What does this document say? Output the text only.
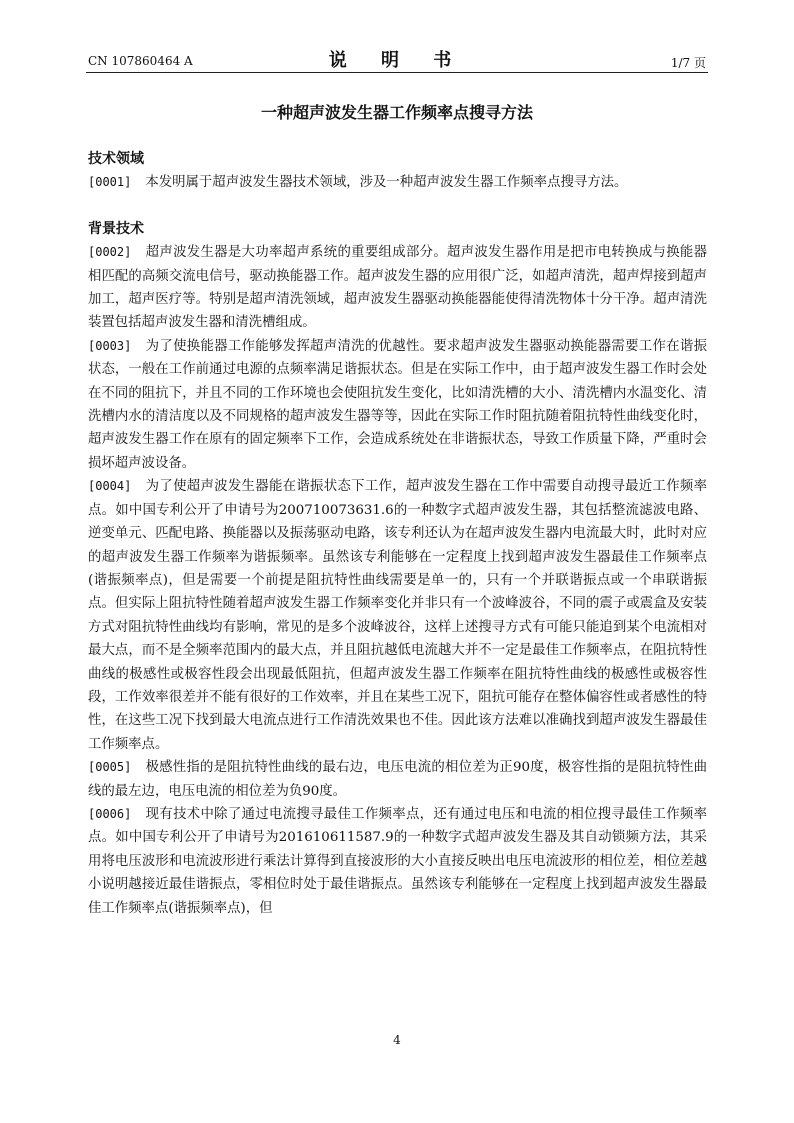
CN 107860464 A	说 明 书	1/7 页
一种超声波发生器工作频率点搜寻方法

技术领域

[0001] 本发明属于超声波发生器技术领域，涉及一种超声波发生器工作频率点搜寻方法。

背景技术

[0002] 超声波发生器是大功率超声系统的重要组成部分。超声波发生器作用是把市电转换成与换能器相匹配的高频交流电信号，驱动换能器工作。超声波发生器的应用很广泛，如超声清洗，超声焊接到超声加工，超声医疗等。特别是超声清洗领域，超声波发生器驱动换能器能使得清洗物体十分干净。超声清洗装置包括超声波发生器和清洗槽组成。

[0003] 为了使换能器工作能够发挥超声清洗的优越性。要求超声波发生器驱动换能器需要工作在谐振状态，一般在工作前通过电源的点频率满足谐振状态。但是在实际工作中，由于超声波发生器工作时会处在不同的阻抗下，并且不同的工作环境也会使阻抗发生变化，比如清洗槽的大小、清洗槽内水温变化、清洗槽内水的清洁度以及不同规格的超声波发生器等等，因此在实际工作时阻抗随着阻抗特性曲线变化时，超声波发生器工作在原有的固定频率下工作，会造成系统处在非谐振状态，导致工作质量下降，严重时会损坏超声波设备。

[0004] 为了使超声波发生器能在谐振状态下工作，超声波发生器在工作中需要自动搜寻最近工作频率点。如中国专利公开了申请号为200710073631.6的一种数字式超声波发生器，其包括整流滤波电路、逆变单元、匹配电路、换能器以及振荡驱动电路，该专利还认为在超声波发生器内电流最大时，此时对应的超声波发生器工作频率为谐振频率。虽然该专利能够在一定程度上找到超声波发生器最佳工作频率点(谐振频率点)，但是需要一个前提是阻抗特性曲线需要是单一的，只有一个并联谐振点或一个串联谐振点。但实际上阻抗特性随着超声波发生器工作频率变化并非只有一个波峰波谷，不同的震子或震盒及安装方式对阻抗特性曲线均有影响，常见的是多个波峰波谷，这样上述搜寻方式有可能只能追到某个电流相对最大点，而不是全频率范围内的最大点，并且阻抗越低电流越大并不一定是最佳工作频率点，在阻抗特性曲线的极感性或极容性段会出现最低阻抗，但超声波发生器工作频率在阻抗特性曲线的极感性或极容性段，工作效率很差并不能有很好的工作效率，并且在某些工况下，阻抗可能存在整体偏容性或者感性的特性，在这些工况下找到最大电流点进行工作清洗效果也不佳。因此该方法难以准确找到超声波发生器最佳工作频率点。

[0005] 极感性指的是阻抗特性曲线的最右边，电压电流的相位差为正90度，极容性指的是阻抗特性曲线的最左边，电压电流的相位差为负90度。

[0006] 现有技术中除了通过电流搜寻最佳工作频率点，还有通过电压和电流的相位搜寻最佳工作频率点。如中国专利公开了申请号为201610611587.9的一种数字式超声波发生器及其自动锁频方法，其采用将电压波形和电流波形进行乘法计算得到直接波形的大小直接反映出电压电流波形的相位差，相位差越小说明越接近最佳谐振点，零相位时处于最佳谐振点。虽然该专利能够在一定程度上找到超声波发生器最佳工作频率点(谐振频率点)，但

4
